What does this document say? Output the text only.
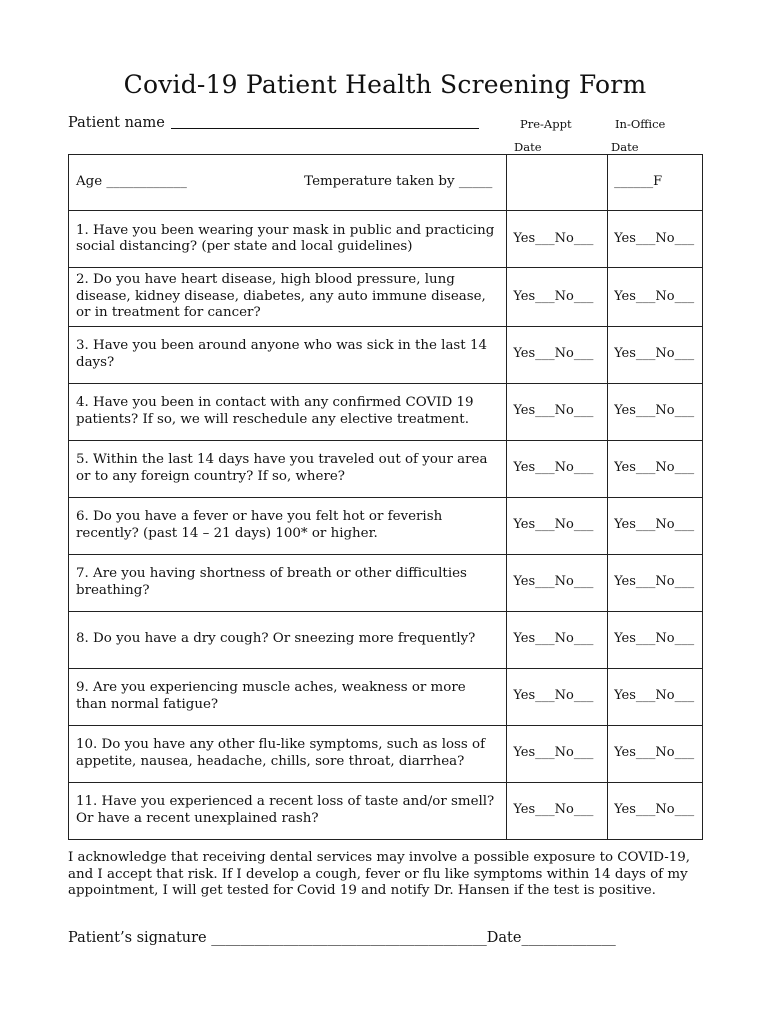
Covid-19 Patient Health Screening Form
Patient name	Pre-Appt
Date
In-Office
Date
Age ____________ Temperature taken by _____		______F
1. Have you been wearing your mask in public and practicing social distancing? (per state and local guidelines)	Yes___No___	Yes___No___
2. Do you have heart disease, high blood pressure, lung disease, kidney disease, diabetes, any auto immune disease, or in treatment for cancer?	Yes___No___	Yes___No___
3. Have you been around anyone who was sick in the last 14 days?	Yes___No___	Yes___No___
4. Have you been in contact with any confirmed COVID 19 patients? If so, we will reschedule any elective treatment.	Yes___No___	Yes___No___
5. Within the last 14 days have you traveled out of your area or to any foreign country? If so, where?	Yes___No___	Yes___No___
6. Do you have a fever or have you felt hot or feverish recently? (past 14 – 21 days) 100* or higher.	Yes___No___	Yes___No___
7. Are you having shortness of breath or other difficulties breathing?	Yes___No___	Yes___No___
8. Do you have a dry cough? Or sneezing more frequently?	Yes___No___	Yes___No___
9. Are you experiencing muscle aches, weakness or more than normal fatigue?	Yes___No___	Yes___No___
10. Do you have any other flu-like symptoms, such as loss of appetite, nausea, headache, chills, sore throat, diarrhea?	Yes___No___	Yes___No___
11. Have you experienced a recent loss of taste and/or smell? Or have a recent unexplained rash?	Yes___No___	Yes___No___
I acknowledge that receiving dental services may involve a possible exposure to COVID-19, and I accept that risk. If I develop a cough, fever or flu like symptoms within 14 days of my appointment, I will get tested for Covid 19 and notify Dr. Hansen if the test is positive.
Patient’s signature ______________________________________Date_____________
